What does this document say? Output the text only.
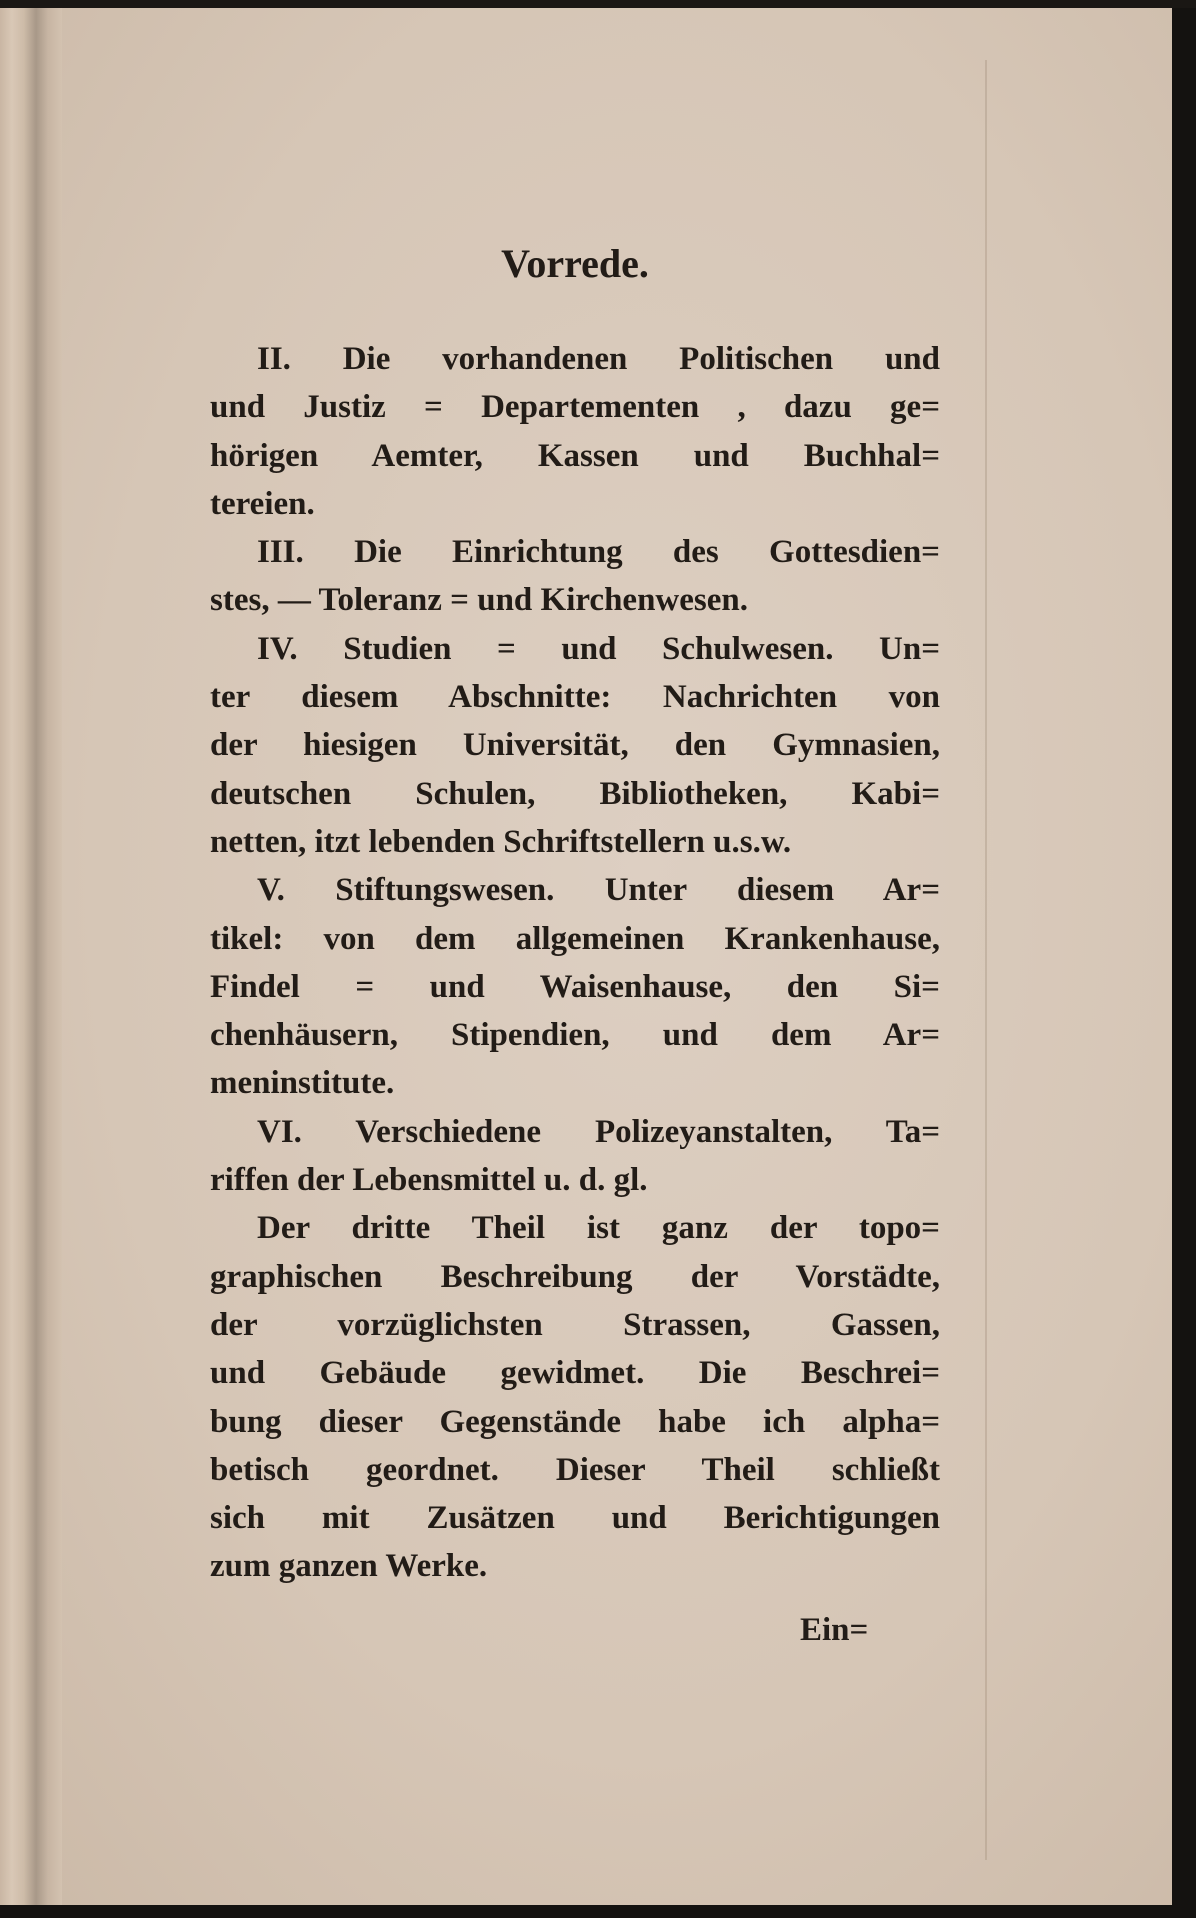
Vorrede.
II. Die vorhandenen Politischen und
und Justiz = Departementen , dazu ge=
hörigen Aemter, Kassen und Buchhal=
tereien.
III. Die Einrichtung des Gottesdien=
stes, — Toleranz = und Kirchenwesen.
IV. Studien = und Schulwesen. Un=
ter diesem Abschnitte: Nachrichten von
der hiesigen Universität, den Gymnasien,
deutschen Schulen, Bibliotheken, Kabi=
netten, itzt lebenden Schriftstellern u.s.w.
V. Stiftungswesen. Unter diesem Ar=
tikel: von dem allgemeinen Krankenhause,
Findel = und Waisenhause, den Si=
chenhäusern, Stipendien, und dem Ar=
meninstitute.
VI. Verschiedene Polizeyanstalten, Ta=
riffen der Lebensmittel u. d. gl.
Der dritte Theil ist ganz der topo=
graphischen Beschreibung der Vorstädte,
der vorzüglichsten Strassen, Gassen,
und Gebäude gewidmet. Die Beschrei=
bung dieser Gegenstände habe ich alpha=
betisch geordnet. Dieser Theil schließt
sich mit Zusätzen und Berichtigungen
zum ganzen Werke.
Ein=
